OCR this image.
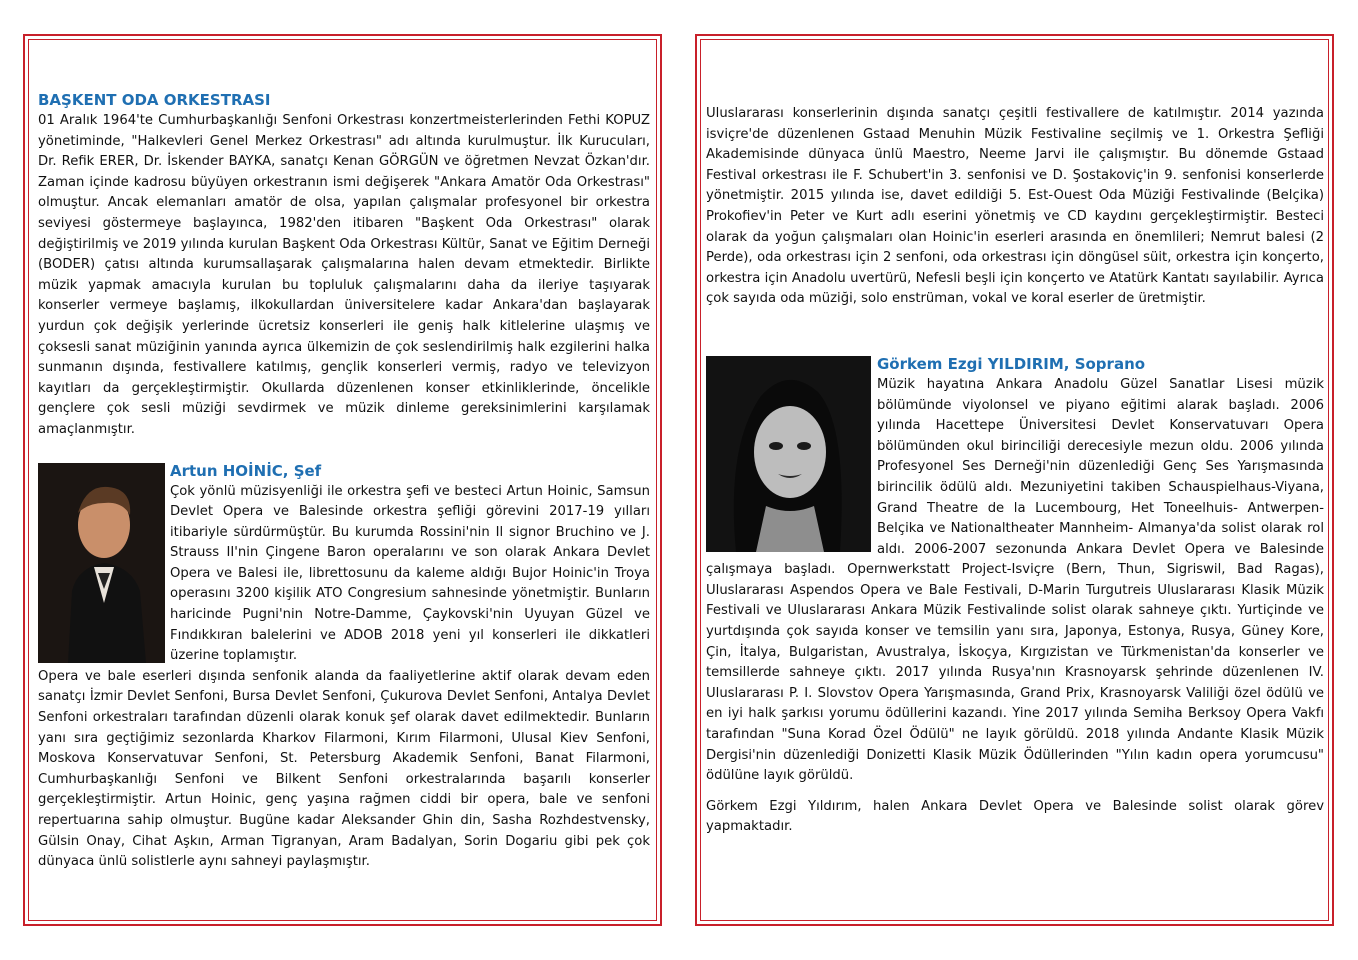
BAŞKENT ODA ORKESTRASI

01 Aralık 1964'te Cumhurbaşkanlığı Senfoni Orkestrası konzertmeisterlerinden Fethi KOPUZ yönetiminde, "Halkevleri Genel Merkez Orkestrası" adı altında kurulmuştur. İlk Kurucuları, Dr. Refik ERER, Dr. İskender BAYKA, sanatçı Kenan GÖRGÜN ve öğretmen Nevzat Özkan'dır. Zaman içinde kadrosu büyüyen orkestranın ismi değişerek "Ankara Amatör Oda Orkestrası" olmuştur. Ancak elemanları amatör de olsa, yapılan çalışmalar profesyonel bir orkestra seviyesi göstermeye başlayınca, 1982'den itibaren "Başkent Oda Orkestrası" olarak değiştirilmiş ve 2019 yılında kurulan Başkent Oda Orkestrası Kültür, Sanat ve Eğitim Derneği (BODER) çatısı altında kurumsallaşarak çalışmalarına halen devam etmektedir. Birlikte müzik yapmak amacıyla kurulan bu topluluk çalışmalarını daha da ileriye taşıyarak konserler vermeye başlamış, ilkokullardan üniversitelere kadar Ankara'dan başlayarak yurdun çok değişik yerlerinde ücretsiz konserleri ile geniş halk kitlelerine ulaşmış ve çoksesli sanat müziğinin yanında ayrıca ülkemizin de çok seslendirilmiş halk ezgilerini halka sunmanın dışında, festivallere katılmış, gençlik konserleri vermiş, radyo ve televizyon kayıtları da gerçekleştirmiştir. Okullarda düzenlenen konser etkinliklerinde, öncelikle gençlere çok sesli müziği sevdirmek ve müzik dinleme gereksinimlerini karşılamak amaçlanmıştır.

Artun HOİNİC, Şef

Çok yönlü müzisyenliği ile orkestra şefi ve besteci Artun Hoinic, Samsun Devlet Opera ve Balesinde orkestra şefliği görevini 2017-19 yılları itibariyle sürdürmüştür. Bu kurumda Rossini'nin Il signor Bruchino ve J. Strauss II'nin Çingene Baron operalarını ve son olarak Ankara Devlet Opera ve Balesi ile, librettosunu da kaleme aldığı Bujor Hoinic'in Troya operasını 3200 kişilik ATO Congresium sahnesinde yönetmiştir. Bunların haricinde Pugni'nin Notre-Damme, Çaykovski'nin Uyuyan Güzel ve Fındıkkıran balelerini ve ADOB 2018 yeni yıl konserleri ile dikkatleri üzerine toplamıştır.

Opera ve bale eserleri dışında senfonik alanda da faaliyetlerine aktif olarak devam eden sanatçı İzmir Devlet Senfoni, Bursa Devlet Senfoni, Çukurova Devlet Senfoni, Antalya Devlet Senfoni orkestraları tarafından düzenli olarak konuk şef olarak davet edilmektedir. Bunların yanı sıra geçtiğimiz sezonlarda Kharkov Filarmoni, Kırım Filarmoni, Ulusal Kiev Senfoni, Moskova Konservatuvar Senfoni, St. Petersburg Akademik Senfoni, Banat Filarmoni, Cumhurbaşkanlığı Senfoni ve Bilkent Senfoni orkestralarında başarılı konserler gerçekleştirmiştir. Artun Hoinic, genç yaşına rağmen ciddi bir opera, bale ve senfoni repertuarına sahip olmuştur. Bugüne kadar Aleksander Ghin din, Sasha Rozhdestvensky, Gülsin Onay, Cihat Aşkın, Arman Tigranyan, Aram Badalyan, Sorin Dogariu gibi pek çok dünyaca ünlü solistlerle aynı sahneyi paylaşmıştır.

Uluslararası konserlerinin dışında sanatçı çeşitli festivallere de katılmıştır. 2014 yazında isviçre'de düzenlenen Gstaad Menuhin Müzik Festivaline seçilmiş ve 1. Orkestra Şefliği Akademisinde dünyaca ünlü Maestro, Neeme Jarvi ile çalışmıştır. Bu dönemde Gstaad Festival orkestrası ile F. Schubert'in 3. senfonisi ve D. Şostakoviç'in 9. senfonisi konserlerde yönetmiştir. 2015 yılında ise, davet edildiği 5. Est-Ouest Oda Müziği Festivalinde (Belçika) Prokofiev'in Peter ve Kurt adlı eserini yönetmiş ve CD kaydını gerçekleştirmiştir. Besteci olarak da yoğun çalışmaları olan Hoinic'in eserleri arasında en önemlileri; Nemrut balesi (2 Perde), oda orkestrası için 2 senfoni, oda orkestrası için döngüsel süit, orkestra için konçerto, orkestra için Anadolu uvertürü, Nefesli beşli için konçerto ve Atatürk Kantatı sayılabilir. Ayrıca çok sayıda oda müziği, solo enstrüman, vokal ve koral eserler de üretmiştir.

Görkem Ezgi YILDIRIM, Soprano

Müzik hayatına Ankara Anadolu Güzel Sanatlar Lisesi müzik bölümünde viyolonsel ve piyano eğitimi alarak başladı. 2006 yılında Hacettepe Üniversitesi Devlet Konservatuvarı Opera bölümünden okul birinciliği derecesiyle mezun oldu. 2006 yılında Profesyonel Ses Derneği'nin düzenlediği Genç Ses Yarışmasında birincilik ödülü aldı. Mezuniyetini takiben Schauspielhaus-Viyana, Grand Theatre de la Lucembourg, Het Toneelhuis- Antwerpen-Belçika ve Nationaltheater Mannheim- Almanya'da solist olarak rol aldı. 2006-2007 sezonunda Ankara Devlet Opera ve Balesinde çalışmaya başladı. Opernwerkstatt Project-Isviçre (Bern, Thun, Sigriswil, Bad Ragas), Uluslararası Aspendos Opera ve Bale Festivali, D-Marin Turgutreis Uluslararası Klasik Müzik Festivali ve Uluslararası Ankara Müzik Festivalinde solist olarak sahneye çıktı. Yurtiçinde ve yurtdışında çok sayıda konser ve temsilin yanı sıra, Japonya, Estonya, Rusya, Güney Kore, Çin, İtalya, Bulgaristan, Avustralya, İskoçya, Kırgızistan ve Türkmenistan'da konserler ve temsillerde sahneye çıktı. 2017 yılında Rusya'nın Krasnoyarsk şehrinde düzenlenen IV. Uluslararası P. I. Slovstov Opera Yarışmasında, Grand Prix, Krasnoyarsk Valiliği özel ödülü ve en iyi halk şarkısı yorumu ödüllerini kazandı. Yine 2017 yılında Semiha Berksoy Opera Vakfı tarafından "Suna Korad Özel Ödülü" ne layık görüldü. 2018 yılında Andante Klasik Müzik Dergisi'nin düzenlediği Donizetti Klasik Müzik Ödüllerinden "Yılın kadın opera yorumcusu" ödülüne layık görüldü.

Görkem Ezgi Yıldırım, halen Ankara Devlet Opera ve Balesinde solist olarak görev yapmaktadır.
